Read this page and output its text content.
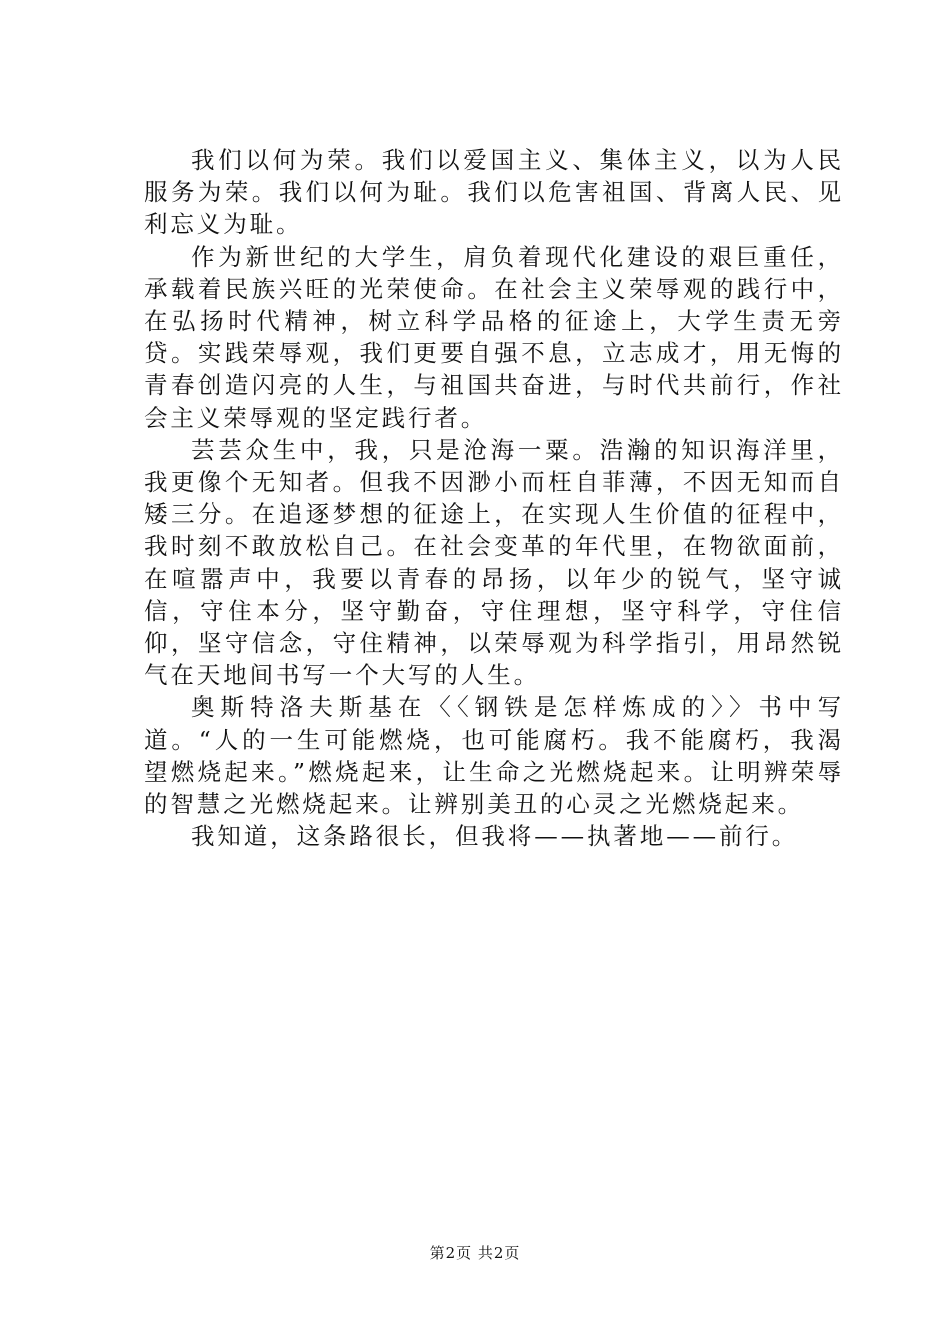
我们以何为荣。我们以爱国主义、集体主义，以为人民服务为荣。我们以何为耻。我们以危害祖国、背离人民、见利忘义为耻。

作为新世纪的大学生，肩负着现代化建设的艰巨重任，承载着民族兴旺的光荣使命。在社会主义荣辱观的践行中，在弘扬时代精神，树立科学品格的征途上，大学生责无旁贷。实践荣辱观，我们更要自强不息，立志成才，用无悔的青春创造闪亮的人生，与祖国共奋进，与时代共前行，作社会主义荣辱观的坚定践行者。

芸芸众生中，我，只是沧海一粟。浩瀚的知识海洋里，我更像个无知者。但我不因渺小而枉自菲薄，不因无知而自矮三分。在追逐梦想的征途上，在实现人生价值的征程中，我时刻不敢放松自己。在社会变革的年代里，在物欲面前，在喧嚣声中，我要以青春的昂扬，以年少的锐气，坚守诚信，守住本分，坚守勤奋，守住理想，坚守科学，守住信仰，坚守信念，守住精神，以荣辱观为科学指引，用昂然锐气在天地间书写一个大写的人生。

奥斯特洛夫斯基在〈〈钢铁是怎样炼成的〉〉书中写道。“人的一生可能燃烧，也可能腐朽。我不能腐朽，我渴望燃烧起来。”燃烧起来，让生命之光燃烧起来。让明辨荣辱的智慧之光燃烧起来。让辨别美丑的心灵之光燃烧起来。

我知道，这条路很长，但我将——执著地——前行。

第2页 共2页
